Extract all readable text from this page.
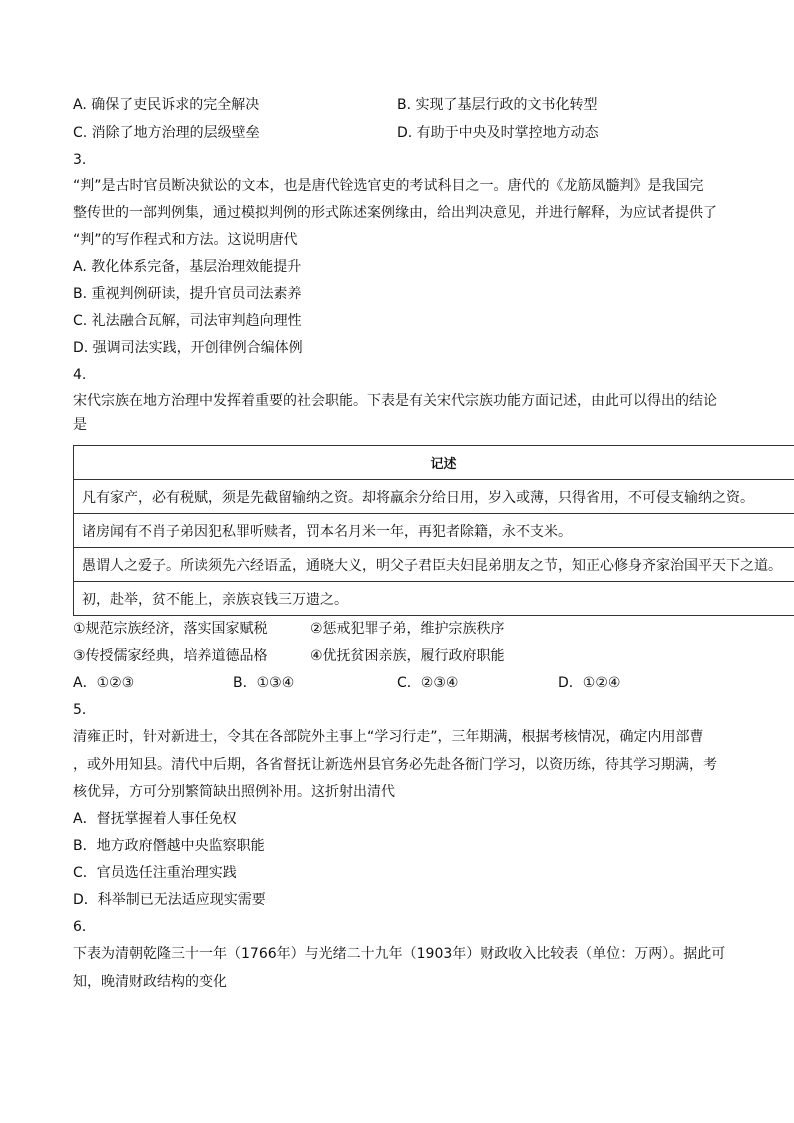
A. 确保了吏民诉求的完全解决	B. 实现了基层行政的文书化转型
C. 消除了地方治理的层级壁垒	D. 有助于中央及时掌控地方动态
3.
“判”是古时官员断决狱讼的文本，也是唐代铨选官吏的考试科目之一。唐代的《龙筋凤髓判》是我国完
整传世的一部判例集，通过模拟判例的形式陈述案例缘由，给出判决意见，并进行解释，为应试者提供了
“判”的写作程式和方法。这说明唐代
A. 教化体系完备，基层治理效能提升
B. 重视判例研读，提升官员司法素养
C. 礼法融合瓦解，司法审判趋向理性
D. 强调司法实践，开创律例合编体例
4.
宋代宗族在地方治理中发挥着重要的社会职能。下表是有关宋代宗族功能方面记述，由此可以得出的结论
是
记述
凡有家产，必有税赋，须是先截留输纳之资。却将羸余分给日用，岁入或薄，只得省用，不可侵支输纳之资。
诸房闻有不肖子弟因犯私罪听赎者，罚本名月米一年，再犯者除籍，永不支米。
愚谓人之爱子。所读须先六经语孟，通晓大义，明父子君臣夫妇昆弟朋友之节，知正心修身齐家治国平天下之道。
初，赴举，贫不能上，亲族哀钱三万遗之。
①规范宗族经济，落实国家赋税	②惩戒犯罪子弟，维护宗族秩序
③传授儒家经典，培养道德品格	④优抚贫困亲族，履行政府职能
A．①②③	B．①③④	C．②③④	D．①②④
5．
清雍正时，针对新进士，令其在各部院外主事上“学习行走”，三年期满，根据考核情况，确定内用部曹
，或外用知县。清代中后期，各省督抚让新选州县官务必先赴各衙门学习，以资历练，待其学习期满，考
核优异，方可分别繁简缺出照例补用。这折射出清代
A．督抚掌握着人事任免权
B．地方政府僭越中央监察职能
C．官员选任注重治理实践
D．科举制已无法适应现实需要
6．
下表为清朝乾隆三十一年（1766年）与光绪二十九年（1903年）财政收入比较表（单位：万两）。据此可
知，晚清财政结构的变化
